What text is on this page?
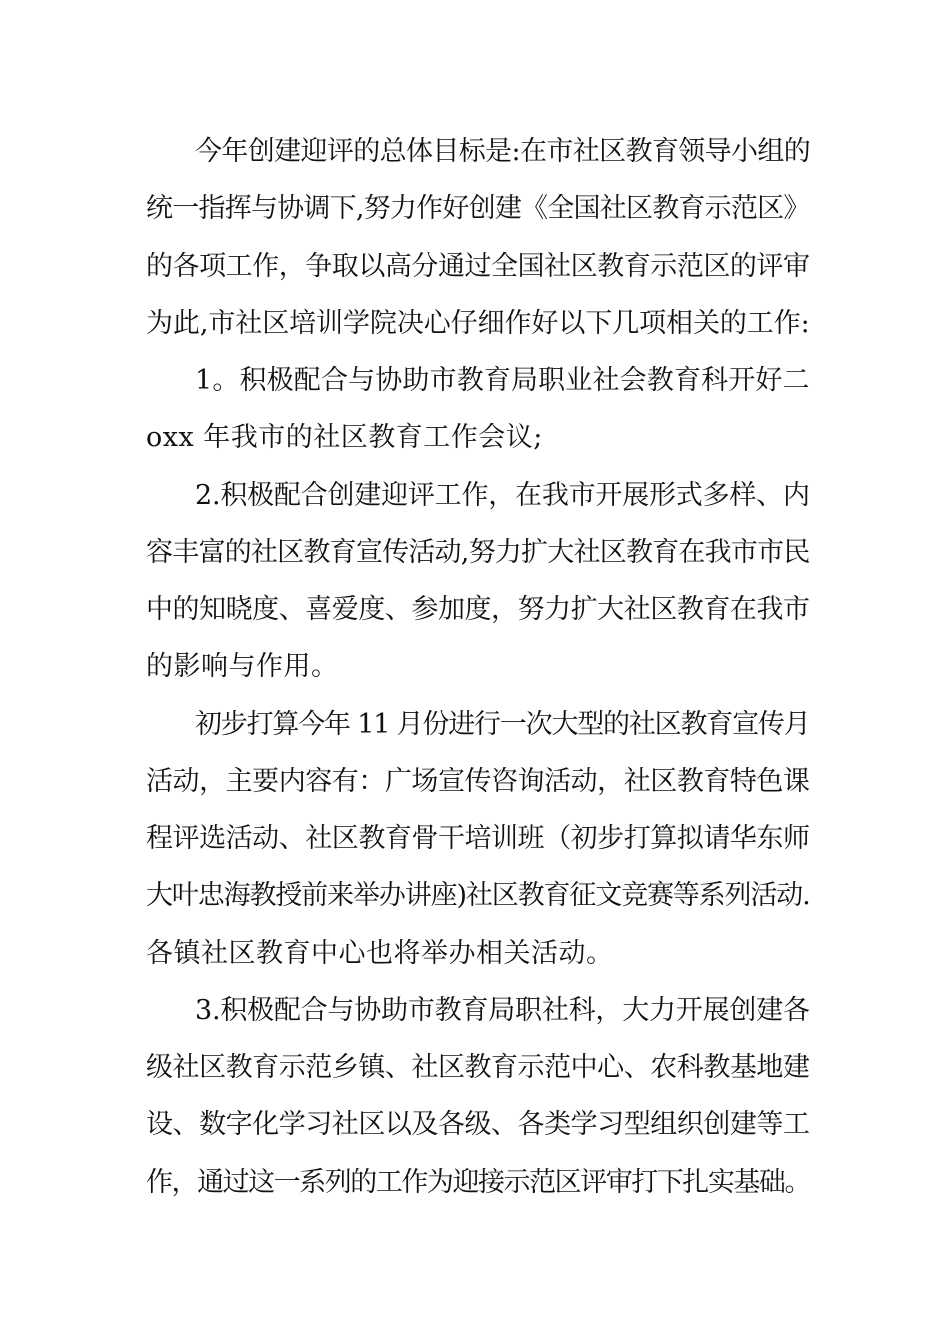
今年创建迎评的总体目标是:在市社区教育领导小组的

统一指挥与协调下,努力作好创建《全国社区教育示范区》

的各项工作，争取以高分通过全国社区教育示范区的评审

为此,市社区培训学院决心仔细作好以下几项相关的工作:

1。积极配合与协助市教育局职业社会教育科开好二

oxx 年我市的社区教育工作会议;

2.积极配合创建迎评工作，在我市开展形式多样、内

容丰富的社区教育宣传活动,努力扩大社区教育在我市市民

中的知晓度、喜爱度、参加度，努力扩大社区教育在我市

的影响与作用。

初步打算今年 11 月份进行一次大型的社区教育宣传月

活动，主要内容有：广场宣传咨询活动，社区教育特色课

程评选活动、社区教育骨干培训班（初步打算拟请华东师

大叶忠海教授前来举办讲座)社区教育征文竞赛等系列活动.

各镇社区教育中心也将举办相关活动。

3.积极配合与协助市教育局职社科，大力开展创建各

级社区教育示范乡镇、社区教育示范中心、农科教基地建

设、数字化学习社区以及各级、各类学习型组织创建等工

作，通过这一系列的工作为迎接示范区评审打下扎实基础。
